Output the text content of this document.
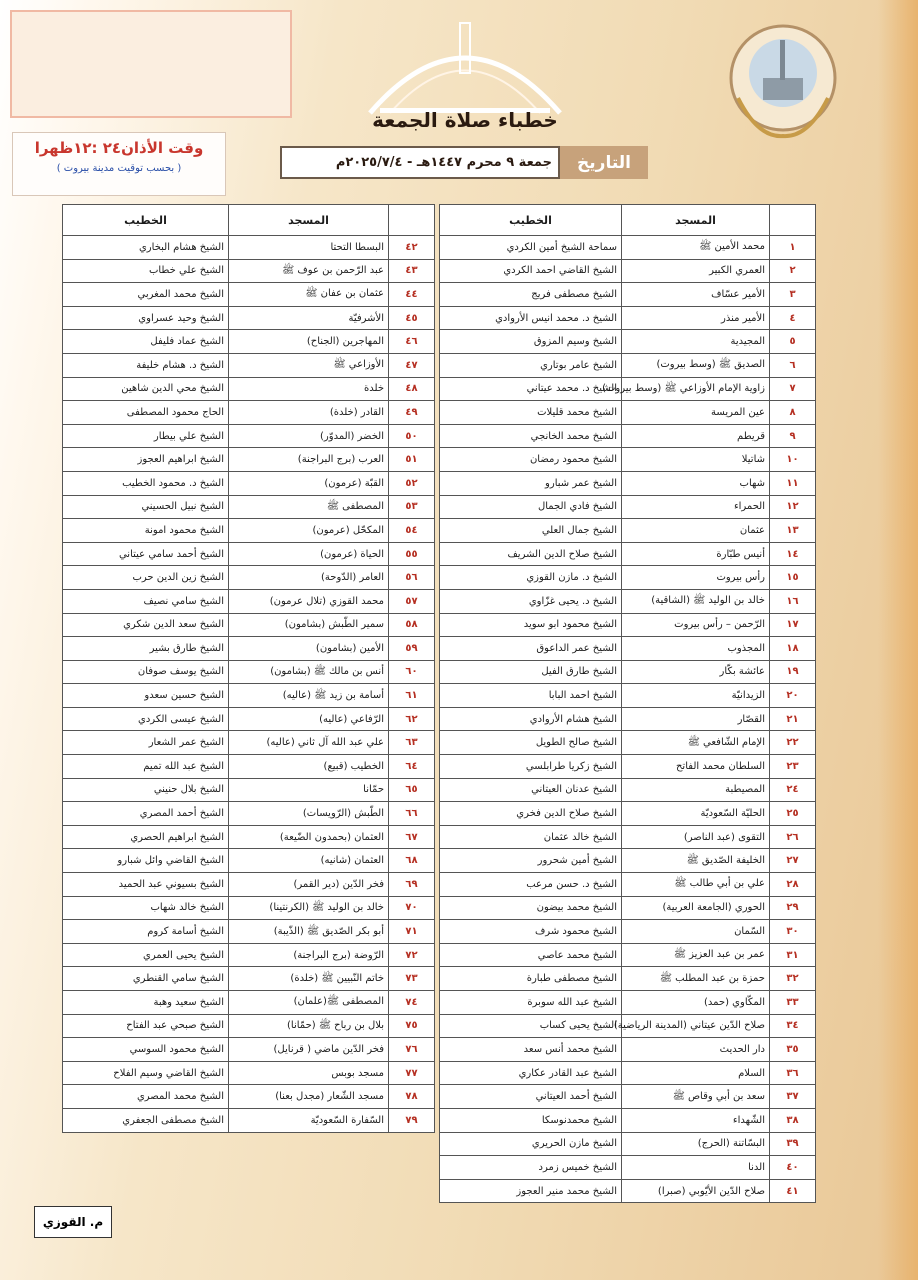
خطباء صلاة الجمعة
وقت الأذان٢٤ :١٢ظهرا
( بحسب توقيت مدينة بيروت )	التاريخ
جمعة ٩ محرم ١٤٤٧هـ - ٢٠٢٥/٧/٤م
	المسجد	الخطيب
١	محمد الأمين ﷺ	سماحة الشيخ أمين الكردي
٢	العمري الكبير	الشيخ القاضي احمد الكردي
٣	الأمير عسّاف	الشيخ مصطفى فريج
٤	الأمير منذر	الشيخ د. محمد انيس الأروادي
٥	المجيدية	الشيخ وسيم المزوق
٦	الصديق ﷺ (وسط بيروت)	الشيخ عامر بوتاري
٧	زاوية الإمام الأوزاعي ﷺ (وسط بيروت)	الشيخ د. محمد عيتاني
٨	عين المريسة	الشيخ محمد قليلات
٩	قريطم	الشيخ محمد الخانجي
١٠	شاتيلا	الشيخ محمود رمضان
١١	شهاب	الشيخ عمر شبارو
١٢	الحمراء	الشيخ فادي الجمال
١٣	عثمان	الشيخ جمال العلي
١٤	أنيس طبّارة	الشيخ صلاح الدين الشريف
١٥	رأس بيروت	الشيخ د. مازن القوزي
١٦	خالد بن الوليد ﷺ (الشاقية)	الشيخ د. يحيى غزّاوي
١٧	الرّحمن – رأس بيروت	الشيخ محمود ابو سويد
١٨	المجذوب	الشيخ عمر الداعوق
١٩	عائشة بكّار	الشيخ طارق الفيل
٢٠	الزيدانيّة	الشيخ احمد البابا
٢١	القصّار	الشيخ هشام الأروادي
٢٢	الإمام الشّافعي ﷺ	الشيخ صالح الطويل
٢٣	السلطان محمد الفاتح	الشيخ زكريا طرابلسي
٢٤	المصيطبة	الشيخ عدنان العيتاني
٢٥	الحليّة السّعوديّة	الشيخ صلاح الدين فخري
٢٦	التقوى (عبد الناصر)	الشيخ خالد عثمان
٢٧	الخليفة الصّديق ﷺ	الشيخ أمين شحرور
٢٨	علي بن أبي طالب ﷺ	الشيخ د. حسن مرعب
٢٩	الحوري (الجامعة العربية)	الشيخ محمد بيضون
٣٠	السّمان	الشيخ محمود شرف
٣١	عمر بن عبد العزيز ﷺ	الشيخ محمد عاصي
٣٢	حمزة بن عبد المطلب ﷺ	الشيخ مصطفى طبارة
٣٣	المكّاوي (حمد)	الشيخ عبد الله سوبرة
٣٤	صلاح الدّين عيتاني (المدينة الرياضية)	الشيخ يحيى كساب
٣٥	دار الحديث	الشيخ محمد أنس سعد
٣٦	السلام	الشيخ عبد القادر عكاري
٣٧	سعد بن أبي وقاص ﷺ	الشيخ أحمد العيتاني
٣٨	الشّهداء	الشيخ محمدنوسكا
٣٩	البسّاتنة (الحرج)	الشيخ مازن الحريري
٤٠	الدنا	الشيخ خميس زمرد
٤١	صلاح الدّين الأيّوبي (صبرا)	الشيخ محمد منير العجوز
	المسجد	الخطيب
٤٢	البسطا التحتا	الشيخ هشام البخاري
٤٣	عبد الرّحمن بن عوف ﷺ	الشيخ علي خطاب
٤٤	عثمان بن عفان ﷺ	الشيخ محمد المغربي
٤٥	الأشرفيّة	الشيخ وحيد عسراوي
٤٦	المهاجرين (الجناح)	الشيخ عماد فليفل
٤٧	الأوزاعي ﷺ	الشيخ د. هشام خليفة
٤٨	خلدة	الشيخ محي الدين شاهين
٤٩	القادر (خلدة)	الحاج محمود المصطفى
٥٠	الخضر (المدوّر)	الشيخ علي بيطار
٥١	العرب (برج البراجنة)	الشيخ ابراهيم العجوز
٥٢	القبّة (عرمون)	الشيخ د. محمود الخطيب
٥٣	المصطفى ﷺ	الشيخ نبيل الحسيني
٥٤	المكحّل (عرمون)	الشيخ محمود امونة
٥٥	الحياة (عرمون)	الشيخ أحمد سامي عيتاني
٥٦	العامر (الدّوحة)	الشيخ زين الدين حرب
٥٧	محمد القوزي (تلال عرمون)	الشيخ سامي نصيف
٥٨	سمير الطّبش (بشامون)	الشيخ سعد الدين شكري
٥٩	الأمين (بشامون)	الشيخ طارق بشير
٦٠	أنس بن مالك ﷺ (بشامون)	الشيخ يوسف صوفان
٦١	أسامة بن زيد ﷺ (عاليه)	الشيخ حسين سعدو
٦٢	الرّفاعي (عاليه)	الشيخ عيسى الكردي
٦٣	علي عبد الله آل ثاني (عاليه)	الشيخ عمر الشعار
٦٤	الخطيب (قبيع)	الشيخ عبد الله تميم
٦٥	حمّانا	الشيخ بلال حنيني
٦٦	الطّبش (الرّويسات)	الشيخ أحمد المصري
٦٧	العثمان (بحمدون الضّيعة)	الشيخ ابراهيم الحصري
٦٨	العثمان (شانيه)	الشيخ القاضي وائل شبارو
٦٩	فخر الدّين (دير القمر)	الشيخ بسيوني عبد الحميد
٧٠	خالد بن الوليد ﷺ (الكرنتينا)	الشيخ خالد شهاب
٧١	أبو بكر الصّديق ﷺ (الذّيبة)	الشيخ أسامة كروم
٧٢	الرّوضة (برج البراجنة)	الشيخ يحيى العمري
٧٣	خاتم النّبيين ﷺ (خلدة)	الشيخ سامي القنطري
٧٤	المصطفى ﷺ(علمان)	الشيخ سعيد وهبة
٧٥	بلال بن رباح ﷺ (حمّانا)	الشيخ صبحي عبد الفتاح
٧٦	فخر الدّين ماضي ( قرنايل)	الشيخ محمود السوسي
٧٧	مسجد بوبس	الشيخ القاضي وسيم الفلاح
٧٨	مسجد الشّعار (مجدل بعنا)	الشيخ محمد المصري
٧٩	السّفارة السّعوديّة	الشيخ مصطفى الجعفري
م. القوزي
